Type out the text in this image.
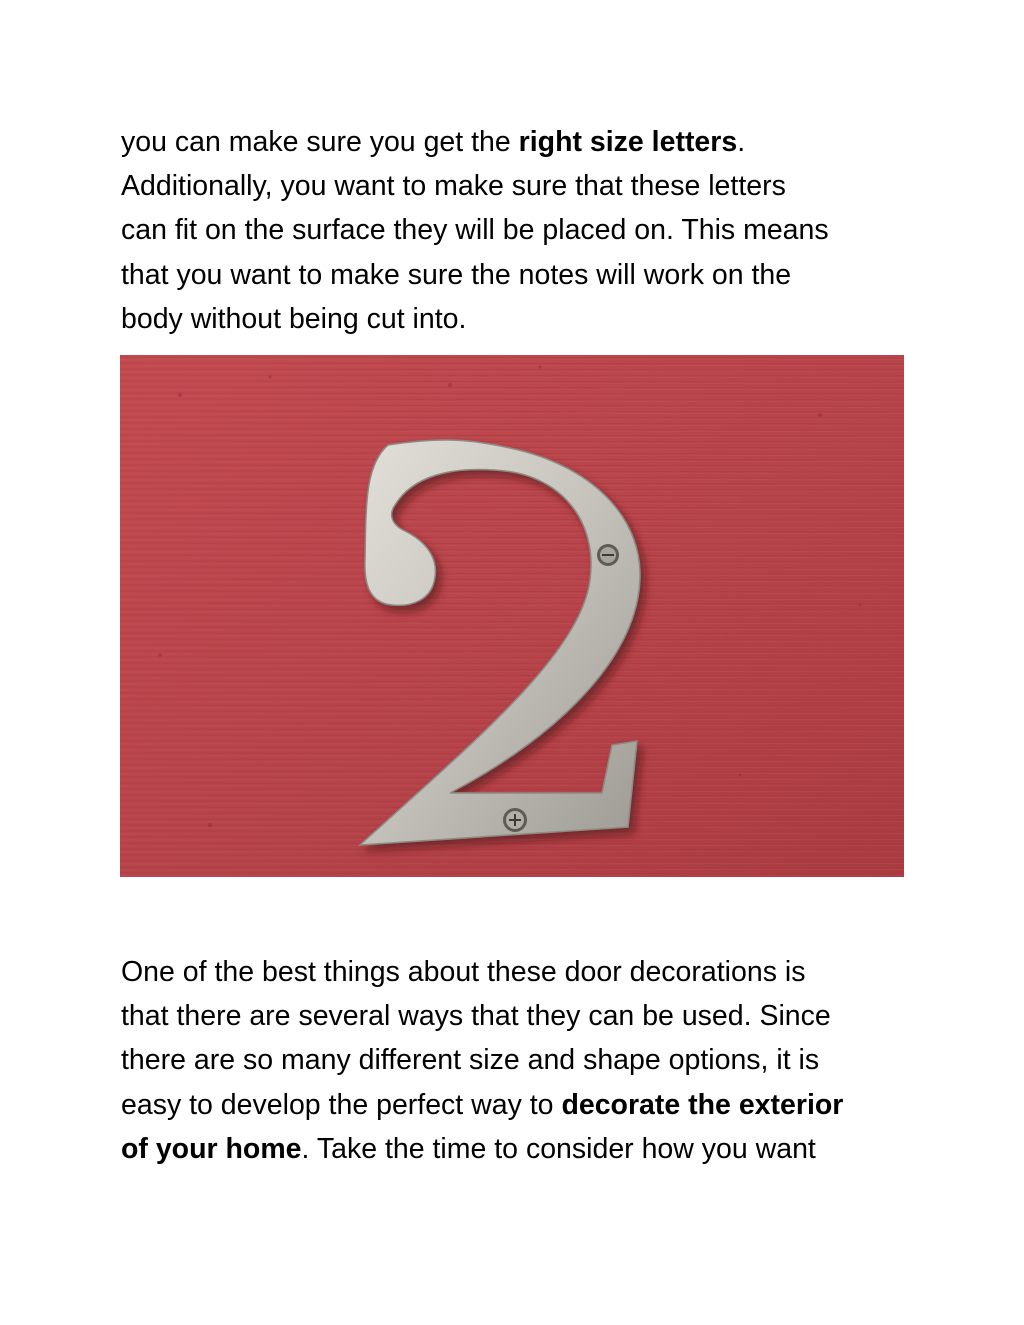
you can make sure you get the right size letters.
Additionally, you want to make sure that these letters
can fit on the surface they will be placed on. This means
that you want to make sure the notes will work on the
body without being cut into.
One of the best things about these door decorations is
that there are several ways that they can be used. Since
there are so many different size and shape options, it is
easy to develop the perfect way to decorate the exterior
of your home. Take the time to consider how you want
